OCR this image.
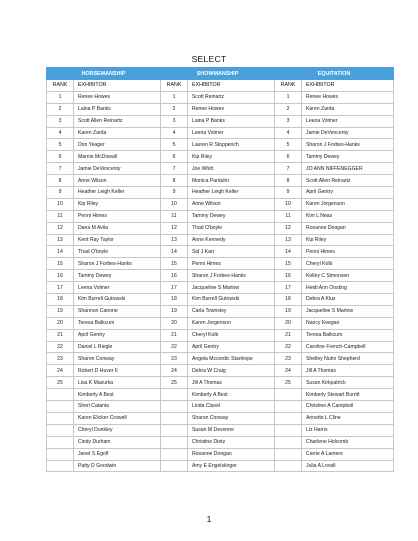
SELECT
HORSEMANSHIP		SHOWMANSHIP		EQUITATION	
RANK	EXHIBITOR	RANK	EXHIBITOR	RANK	EXHIBITOR
1	Renee Howes	1	Scott Reinartz	1	Renee Howes
2	Laina P Banks	2	Renee Howes	2	Karen Zarda
3	Scott Allen Reinartz	3	Laina P Banks	3	Leena Volmer
4	Karen Zarda	4	Leena Volmer	4	Jamie DeVencenty
5	Don Yeager	5	Lauren R Stopperich	5	Sharon J Forbes-Hanks
6	Marnie McDowall	6	Kip Riley	6	Tammy Dewey
7	Jamie DeVencenty	7	Joe Whitt	7	JO ANN NIFFENEGGER
8	Anne Wilson	8	Monica Parduhn	8	Scott Allen Reinartz
9	Heather Leigh Keller	9	Heather Leigh Keller	9	April Gentry
10	Kip Riley	10	Anne Wilson	10	Karen Jorgenson
11	Penni Himes	11	Tammy Dewey	11	Kim L Neas
12	Dana M Avila	12	Thad O'boyle	12	Roxanne Doogan
13	Kent Ray Taylor	13	Anne Kennedy	13	Kip Riley
14	Thad O'boyle	14	Sid J Karr	14	Penni Himes
15	Sharon J Forbes-Hanks	15	Penni Himes	15	Cheryl Kolb
16	Tammy Dewey	16	Sharon J Forbes-Hanks	16	Kelley C Simonsen
17	Leena Volmer	17	Jacqueline S Marlow	17	Heidi Ann Oosting
18	Kim Burrell Gutowski	18	Kim Burrell Gutowski	18	Debra A Kluz
19	Shannon Cairone	19	Carla Townsley	19	Jacqueline S Marlow
20	Teresa Balkcum	20	Karen Jorgenson	20	Nancy Keegan
21	April Gentry	21	Cheryl Kolb	21	Teresa Balkcum
22	Daniel L Riegle	22	April Gentry	22	Caroline French-Campbell
23	Sharon Conway	23	Angela Mccordic Stanhope	23	Shelley Nuhn Shepherd
24	Robert D Huver II	24	Debra W Craig	24	Jill A Thomas
25	Lisa K Mazurka	25	Jill A Thomas	25	Susan Kirkpatrick
	Kimberly A Best		Kimberly A Best		Kimberly Stewart Burritt
	Sheri Catania		Linda Clavel		Christine A Campbell
	Karen Elicker Crowell		Sharon Conway		Annette L Cline
	Cheryl Dunkley		Susan M Devenne		Liz Harris
	Cindy Durham		Christine Dietz		Charlene Holcomb
	Janet S Egolf		Roxanne Doogan		Carrie A Lamere
	Patty D Goodwin		Amy E Engelskirger		Julia A Lovall
1
